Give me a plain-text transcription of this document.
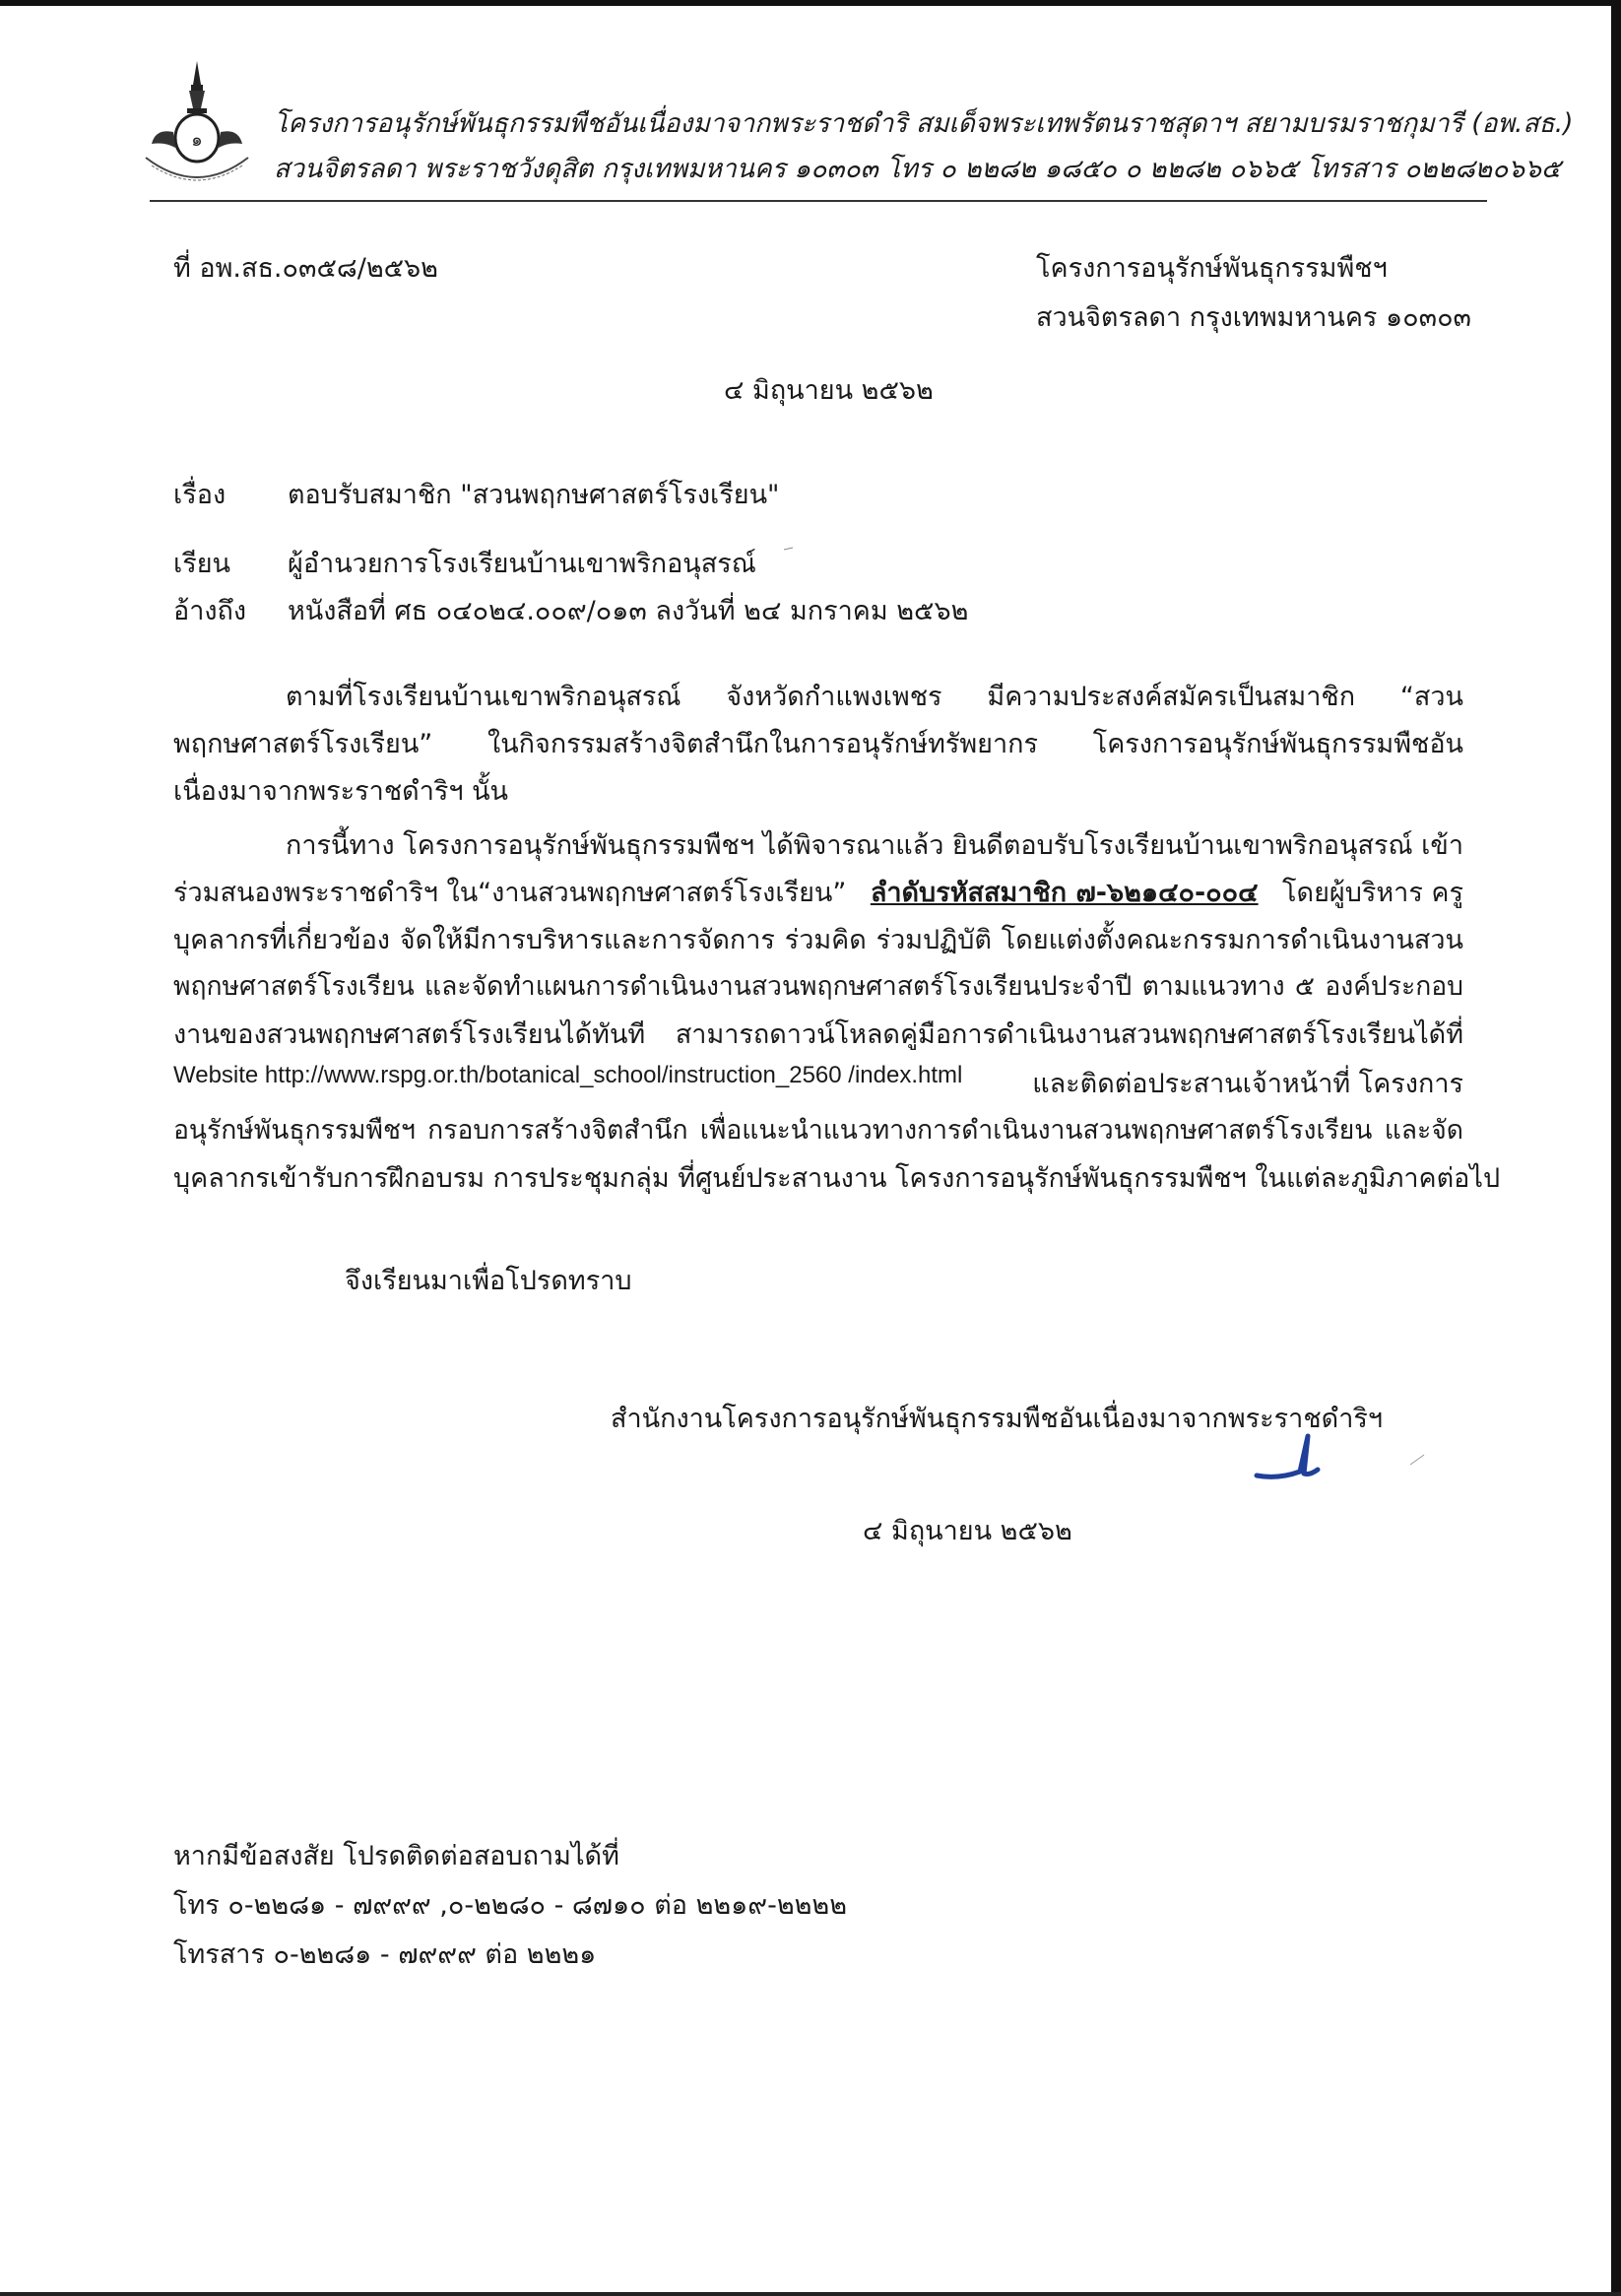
๑
โครงการอนุรักษ์พันธุกรรมพืชอันเนื่องมาจากพระราชดำริ สมเด็จพระเทพรัตนราชสุดาฯ สยามบรมราชกุมารี (อพ.สธ.)
สวนจิตรลดา พระราชวังดุสิต กรุงเทพมหานคร ๑๐๓๐๓ โทร ๐ ๒๒๘๒ ๑๘๕๐ ๐ ๒๒๘๒ ๐๖๖๕ โทรสาร ๐๒๒๘๒๐๖๖๕
ที่ อพ.สธ.๐๓๕๘/๒๕๖๒	โครงการอนุรักษ์พันธุกรรมพืชฯ
สวนจิตรลดา กรุงเทพมหานคร ๑๐๓๐๓
๔ มิถุนายน ๒๕๖๒
เรื่อง ตอบรับสมาชิก "สวนพฤกษศาสตร์โรงเรียน"
เรียน ผู้อำนวยการโรงเรียนบ้านเขาพริกอนุสรณ์
อ้างถึง หนังสือที่ ศธ ๐๔๐๒๔.๐๐๙/๐๑๓ ลงวันที่ ๒๔ มกราคม ๒๕๖๒
ตามที่โรงเรียนบ้านเขาพริกอนุสรณ์ จังหวัดกำแพงเพชร มีความประสงค์สมัครเป็นสมาชิก “สวน
พฤกษศาสตร์โรงเรียน” ในกิจกรรมสร้างจิตสำนึกในการอนุรักษ์ทรัพยากร โครงการอนุรักษ์พันธุกรรมพืชอัน
เนื่องมาจากพระราชดำริฯ นั้น
การนี้ทาง โครงการอนุรักษ์พันธุกรรมพืชฯ ได้พิจารณาแล้ว ยินดีตอบรับโรงเรียนบ้านเขาพริกอนุสรณ์ เข้า
ร่วมสนองพระราชดำริฯ ใน“งานสวนพฤกษศาสตร์โรงเรียน” ลำดับรหัสสมาชิก ๗-๖๒๑๔๐-๐๐๔ โดยผู้บริหาร ครู
บุคลากรที่เกี่ยวข้อง จัดให้มีการบริหารและการจัดการ ร่วมคิด ร่วมปฏิบัติ โดยแต่งตั้งคณะกรรมการดำเนินงานสวน
พฤกษศาสตร์โรงเรียน และจัดทำแผนการดำเนินงานสวนพฤกษศาสตร์โรงเรียนประจำปี ตามแนวทาง ๕ องค์ประกอบ
งานของสวนพฤกษศาสตร์โรงเรียนได้ทันที สามารถดาวน์โหลดคู่มือการดำเนินงานสวนพฤกษศาสตร์โรงเรียนได้ที่
Website http://www.rspg.or.th/botanical_school/instruction_2560 /index.html	และติดต่อประสานเจ้าหน้าที่ โครงการ
อนุรักษ์พันธุกรรมพืชฯ กรอบการสร้างจิตสำนึก เพื่อแนะนำแนวทางการดำเนินงานสวนพฤกษศาสตร์โรงเรียน และจัด
บุคลากรเข้ารับการฝึกอบรม การประชุมกลุ่ม ที่ศูนย์ประสานงาน โครงการอนุรักษ์พันธุกรรมพืชฯ ในแต่ละภูมิภาคต่อไป
จึงเรียนมาเพื่อโปรดทราบ
สำนักงานโครงการอนุรักษ์พันธุกรรมพืชอันเนื่องมาจากพระราชดำริฯ
๔ มิถุนายน ๒๕๖๒
หากมีข้อสงสัย โปรดติดต่อสอบถามได้ที่
โทร ๐-๒๒๘๑ - ๗๙๙๙ ,๐-๒๒๘๐ - ๘๗๑๐ ต่อ ๒๒๑๙-๒๒๒๒
โทรสาร ๐-๒๒๘๑ - ๗๙๙๙ ต่อ ๒๒๒๑
